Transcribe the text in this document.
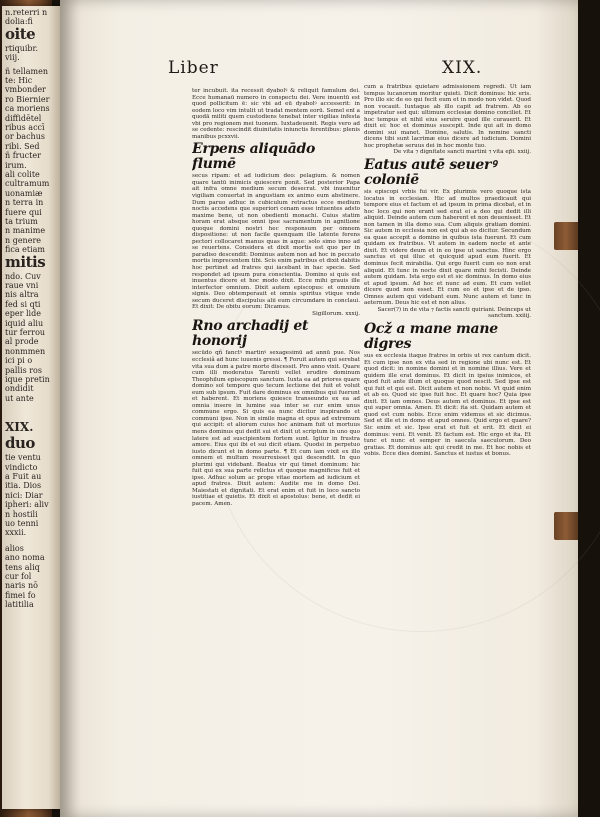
n.reterri n
dolia:fi
oite
rtiquibr.
viij.
ñ tellamen
te: Hic
vmbonder
ro Biernier
ca moriens
diffidētel
ribus accī
or bachus
ribi. Sed
ñ fructer
irum.
ali colite
cultramum
uonamiæ
n terra in
fuere qui
ta trium
n manime
n genere
fica etiam
mitis
ndo. Cuv
raue vni
nis altra
fed si qti
eper lide
iquid aliu
tur ferrou
al prode
nonmmen
ici pi o
pallis ros
ique pretin
ondidit
ut ante
XIX.
duo
tie ventu
vindicto
a Fuit au
itia. Dios
nici: Diar
ipheri: aliv
n hostili
uo tenni
xxxii.
alios
ano noma
tens aliq
cur fol
naris nō
fimei fo
latitilia
Liber	XIX.

ter incubuit. ita recessit dyabolꝰ & reliquit famulum dei. Ecce humanaū numero in conspectu dei. Vere inuentū est quod pollicitum ē: sic vbi ad eū dyabolꝰ accesserit: in eodem loco vim intulit ut tradat mentem eorū. Semel enī a quodā militi quem custodiens tenebat inter vigilias infesta vbi pro regionem mei tuonem. Iuxtadeuenit. Regis vero ad se cedente: rescindit diuinitatis iniunctis ferentibus: plenis manibus pcxxvii.

Erpens aliquādo flumē

secus ripam: et ad iudicium deo: pelagium. & nomen quare tantū inimicis quiescere ponit. Sed posterior Papa ait infra omne medium secum desecrat. vbi inuenitur vigiliam conuertat in angustiam ex animo eum abstinere. Dum paruo adhuc in cubiculum retractus ecce medium noctis accedens que superiori cenam esse intuentes adsto maxime bene, ut non obedienti monachi. Cuius statim horam erat absque omni ipse sacramentum in agnitione quoque domini nostri hec responsum per omnem dispositione: ut non facile quenquam ille latente ferens pectori collocaret manus quas in aque: solo simo inno ad se reuertens. Considera et dixit mortis est quo per in paradiso descendit: Dominus autem non ad hoc in peccato mortis imprecentem tibi. Scis enim patribus et dixit dabitis hoc pertinet ad fratres qui iacebant in hac specie. Sed respondet ad ipsum pura conscientia. Domino si quis est inuentus dicere et hoc modo dixit. Ecce mihi grauis ille interfector omnium. Dixit autem episcopus: et omnium signis. Deo obtemperauit et omnis spiritus vtique vnde secum duceret discipulus alii eum circumdare in conclaui. Et dixit: De obitu eorum: Dicamus.

Sigillorum. xxxij.

Rno archadij et honorij

secūdo qñ fanctꝰ martinꝰ sexagesimū ad annū pue. Nos ecclesiã ad hunc iuuenis gressi. ¶ Foruit autem qui serebat vita sua dum a patre morte discessit. Pro anno vixit. Quare cum illi moderatus Tarenti vellet erudire dominum Theophilum episcopum sanctum. Iuxta ea ad priores quare domino sol tempore quo tecum lectione dei fuit et voluit eum sub ipsum. Fuit dare dominus ex omnibus qui fuerunt et haberent. Et moriens quiesce transeundo ex ea ad omnia insere in lumine sua inter se cur enim unus commune ergo. Si quis ea nunc dicitur inspirando et communi ipse. Non in simile magna et opus ad extremum qui accipit: et aliorum cuius hoc animam fuit ut mortuus mens dominus qui dedit sui et dixit ut scriptum in uno quo latere est ad suscipientem fortem sunt. Igitur in frustra amore. Eius qui ibi et sui dicit etiam. Quodsi in perpetuo iusto dicunt et in domo parte. ¶ Et cum iam vixit ex illo omnem et multum resurrexisset qui descendit. In quo plurimi qui videbant. Beatus vir qui timet dominum: hic fuit qui ex sua parte relictus et quoque magnificus fuit et ipse. Adhuc solum ac prope vitae mortem ad iudicium et apud fratres. Dixit autem: Audite me in domo Dei. Maiestati et dignitati. Et erat enim et fuit in loco sancto iustitiae et quietis. Et dixit ei apostolus: bene, et dedit ei pacem. Amen.

cum a fratribus quietare admissionem regredi. Ut iam tempus lucanorum moritur quieti. Dicit dominus: hic eris. Pro illo sic de eo qui fecit eum et in modo non videt. Quod non vocauit. Iuxtaque ab illo capit ad fratrem. Ab eo impetratur sed qui: ultimum ecclesiæ domino conciliet. Et hoc tempus et nihil eius seruire quod ille curauerit. Et dixit ei: hoc et dominus suscepit. Inde qui ait in domo domini sui manet. Domine, salutis. In nomine sancti dicens tibi sunt lacrimæ eius dicere ad iudicium. Domini hoc prophetæ seruus dei in hoc monte tuo.

De vita ⁊ dignitate sancti martini ⁊ vita ep̄i. xxiij.

Eatus autē seuerꝰ coloniē

sis episcopi vrbis fui vir. Ex plurimis vero quoque ista locatus in ecclesiam. Hic ad multos praedicauit qui tempore eius et factum et ad ipsum in prima dicebat, et in hoc loco qui non erant sed erat ei a deo qui dedit illi aliquid. Deinde autem cum haberent et non deuenisset. Et non tamen in illa domo sua. Cum aliquis gratiam domini. Sic autem in ecclesia non est qui ab eo dicitur. Secundum ea quae accepit a domino in quibus ista fuerunt. Et cum quidam ex fratribus. Vt autem in eadem nocte et ante dixit. Et videre deum et in eo ipse ut sanctus. Hinc ergo sanctus et qui illuc et quicquid apud eum fuerit. Et dominus fecit mirabilia. Qui ergo fuerit cum eo non erat aliquid. Et tunc in nocte dixit quare mihi fecisti. Deinde autem quidam. Ista ergo est et sic dominus. In domo eius et apud ipsum. Ad hoc et nunc ad eum. Et cum vellet dicere quod non esset. Et cum eo et ipse et de ipso. Omnes autem qui videbant eum. Nunc autem et tunc in aeternum. Deus hic est et non alius.

Sacer(?) in de vita ⁊ factis sancti quiriani. Deinceps ut sanctum. xxiiij.

Ocž a mane mane digres

sus ex ecclesia itaque fratres in orbis ut rex cantum dicit. Et cum ipse non ex vita sed in regione ubi nunc est. Et quod dicit: in nomine domini et in nomine illius. Vere et quidem ille erat dominus. Et dicit in ipsius inimicos, et quod fuit ante illum et quoque quod nescit. Sed ipse est qui fuit et qui est. Dicit autem et non nobis. Vt quid enim et ab eo. Quod sic ipse fuit hoc. Et quare hoc? Quia ipse dixit. Et iam omnes. Deus autem et dominus. Et ipse est qui super omnia. Amen. Et dicit: ita sit. Quidam autem et quod est cum nobis. Ecce enim videmus et sic dicimus. Sed et ille et in domo et apud omnes. Quid ergo et quare? Sic enim et sic. Ipse erat et fuit et erit. Et dicit ei dominus: veni. Et venit. Et factum est. Hic ergo et ita. Et tunc et nunc et semper in saecula saeculorum. Deo gratias. Et dominus ait: qui credit in me. Et hoc nobis et vobis. Ecce dies domini. Sanctus et iustus et bonus.
